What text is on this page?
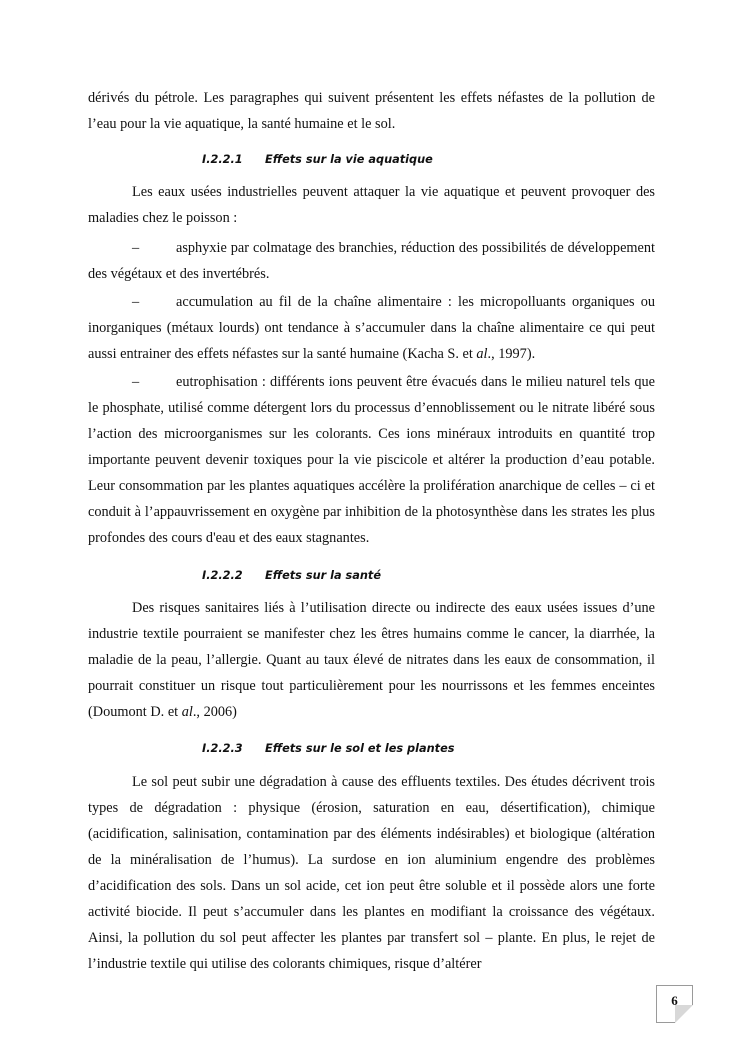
dérivés du pétrole. Les paragraphes qui suivent présentent les effets néfastes de la pollution de l’eau pour la vie aquatique, la santé humaine et le sol.

I.2.2.1 Effets sur la vie aquatique

Les eaux usées industrielles peuvent attaquer la vie aquatique et peuvent provoquer des maladies chez le poisson :

–	asphyxie par colmatage des branchies, réduction des possibilités de développement des végétaux et des invertébrés.

–	accumulation au fil de la chaîne alimentaire : les micropolluants organiques ou inorganiques (métaux lourds) ont tendance à s’accumuler dans la chaîne alimentaire ce qui peut aussi entrainer des effets néfastes sur la santé humaine (Kacha S. et al., 1997).

–	eutrophisation : différents ions peuvent être évacués dans le milieu naturel tels que le phosphate, utilisé comme détergent lors du processus d’ennoblissement ou le nitrate libéré sous l’action des microorganismes sur les colorants. Ces ions minéraux introduits en quantité trop importante peuvent devenir toxiques pour la vie piscicole et altérer la production d’eau potable. Leur consommation par les plantes aquatiques accélère la prolifération anarchique de celles – ci et conduit à l’appauvrissement en oxygène par inhibition de la photosynthèse dans les strates les plus profondes des cours d'eau et des eaux stagnantes.

I.2.2.2 Effets sur la santé

Des risques sanitaires liés à l’utilisation directe ou indirecte des eaux usées issues d’une industrie textile pourraient se manifester chez les êtres humains comme le cancer, la diarrhée, la maladie de la peau, l’allergie. Quant au taux élevé de nitrates dans les eaux de consommation, il pourrait constituer un risque tout particulièrement pour les nourrissons et les femmes enceintes (Doumont D. et al., 2006)

I.2.2.3 Effets sur le sol et les plantes

Le sol peut subir une dégradation à cause des effluents textiles. Des études décrivent trois types de dégradation : physique (érosion, saturation en eau, désertification), chimique (acidification, salinisation, contamination par des éléments indésirables) et biologique (altération de la minéralisation de l’humus). La surdose en ion aluminium engendre des problèmes d’acidification des sols. Dans un sol acide, cet ion peut être soluble et il possède alors une forte activité biocide. Il peut s’accumuler dans les plantes en modifiant la croissance des végétaux. Ainsi, la pollution du sol peut affecter les plantes par transfert sol – plante. En plus, le rejet de l’industrie textile qui utilise des colorants chimiques, risque d’altérer

6
